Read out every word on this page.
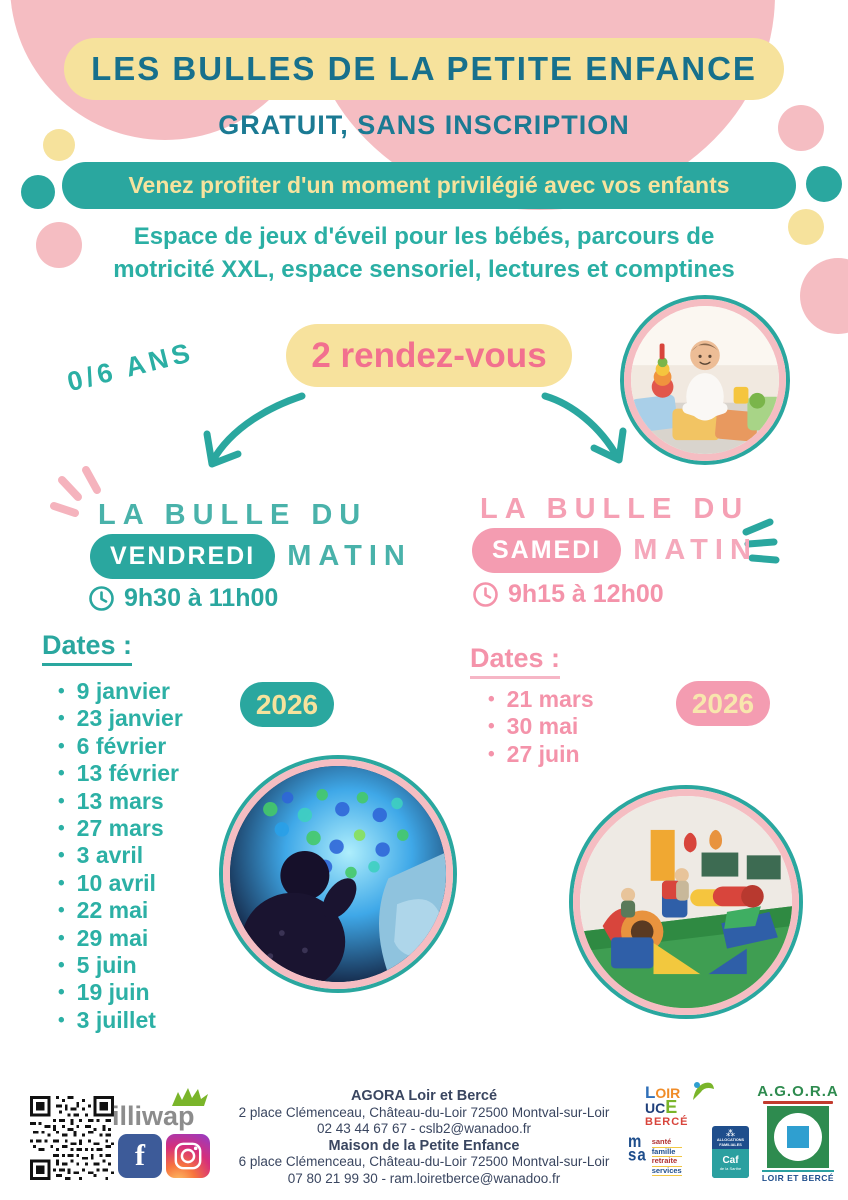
LES BULLES DE LA PETITE ENFANCE
GRATUIT, SANS INSCRIPTION
Venez profiter d'un moment privilégié avec vos enfants
Espace de jeux d'éveil pour les bébés, parcours de
motricité XXL, espace sensoriel, lectures et comptines
0/6 ANS	2 rendez-vous
LA BULLE DU
VENDREDI	MATIN
9h30 à 11h00
Dates :
• 9 janvier
• 23 janvier
• 6 février
• 13 février
• 13 mars
• 27 mars
• 3 avril
• 10 avril
• 22 mai
• 29 mai
• 5 juin
• 19 juin
• 3 juillet
2026
LA BULLE DU
SAMEDI	MATIN
9h15 à 12h00
Dates :
• 21 mars
• 30 mai
• 27 juin
2026
illiwap
f
AGORA Loir et Bercé
2 place Clémenceau, Château-du-Loir 72500 Montval-sur-Loir
02 43 44 67 67 - cslb2@wanadoo.fr
Maison de la Petite Enfance
6 place Clémenceau, Château-du-Loir 72500 Montval-sur-Loir
07 80 21 99 30 - ram.loiretberce@wanadoo.fr
LOIR
UCE
BERCÉ
m
sa
santé
famille
retraite
services
⁂
ALLOCATIONS FAMILIALES
Caf
de la Sarthe
A.G.O.R.A
LOIR ET BERCÉ
